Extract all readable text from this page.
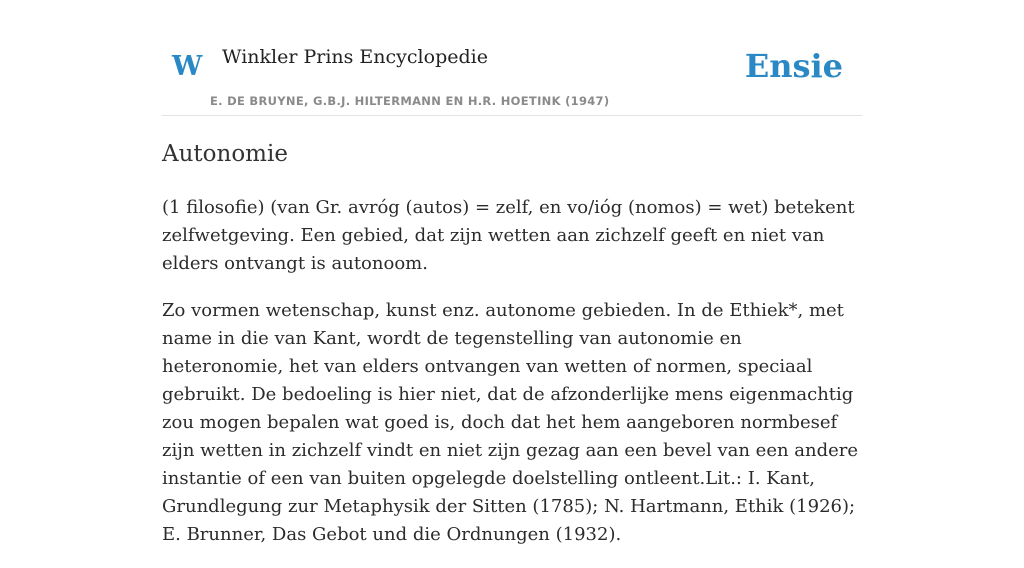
W Winkler Prins Encyclopedie
E. DE BRUYNE, G.B.J. HILTERMANN EN H.R. HOETINK (1947)
Ensie
Autonomie

(1 filosofie) (van Gr. avróg (autos) = zelf, en vo/iόg (nomos) = wet) betekent zelfwetgeving. Een gebied, dat zijn wetten aan zichzelf geeft en niet van elders ontvangt is autonoom.

Zo vormen wetenschap, kunst enz. autonome gebieden. In de Ethiek*, met name in die van Kant, wordt de tegenstelling van autonomie en heteronomie, het van elders ontvangen van wetten of normen, speciaal gebruikt. De bedoeling is hier niet, dat de afzonderlijke mens eigenmachtig zou mogen bepalen wat goed is, doch dat het hem aangeboren normbesef zijn wetten in zichzelf vindt en niet zijn gezag aan een bevel van een andere instantie of een van buiten opgelegde doelstelling ontleent.Lit.: I. Kant, Grundlegung zur Metaphysik der Sitten (1785); N. Hartmann, Ethik (1926); E. Brunner, Das Gebot und die Ordnungen (1932).
